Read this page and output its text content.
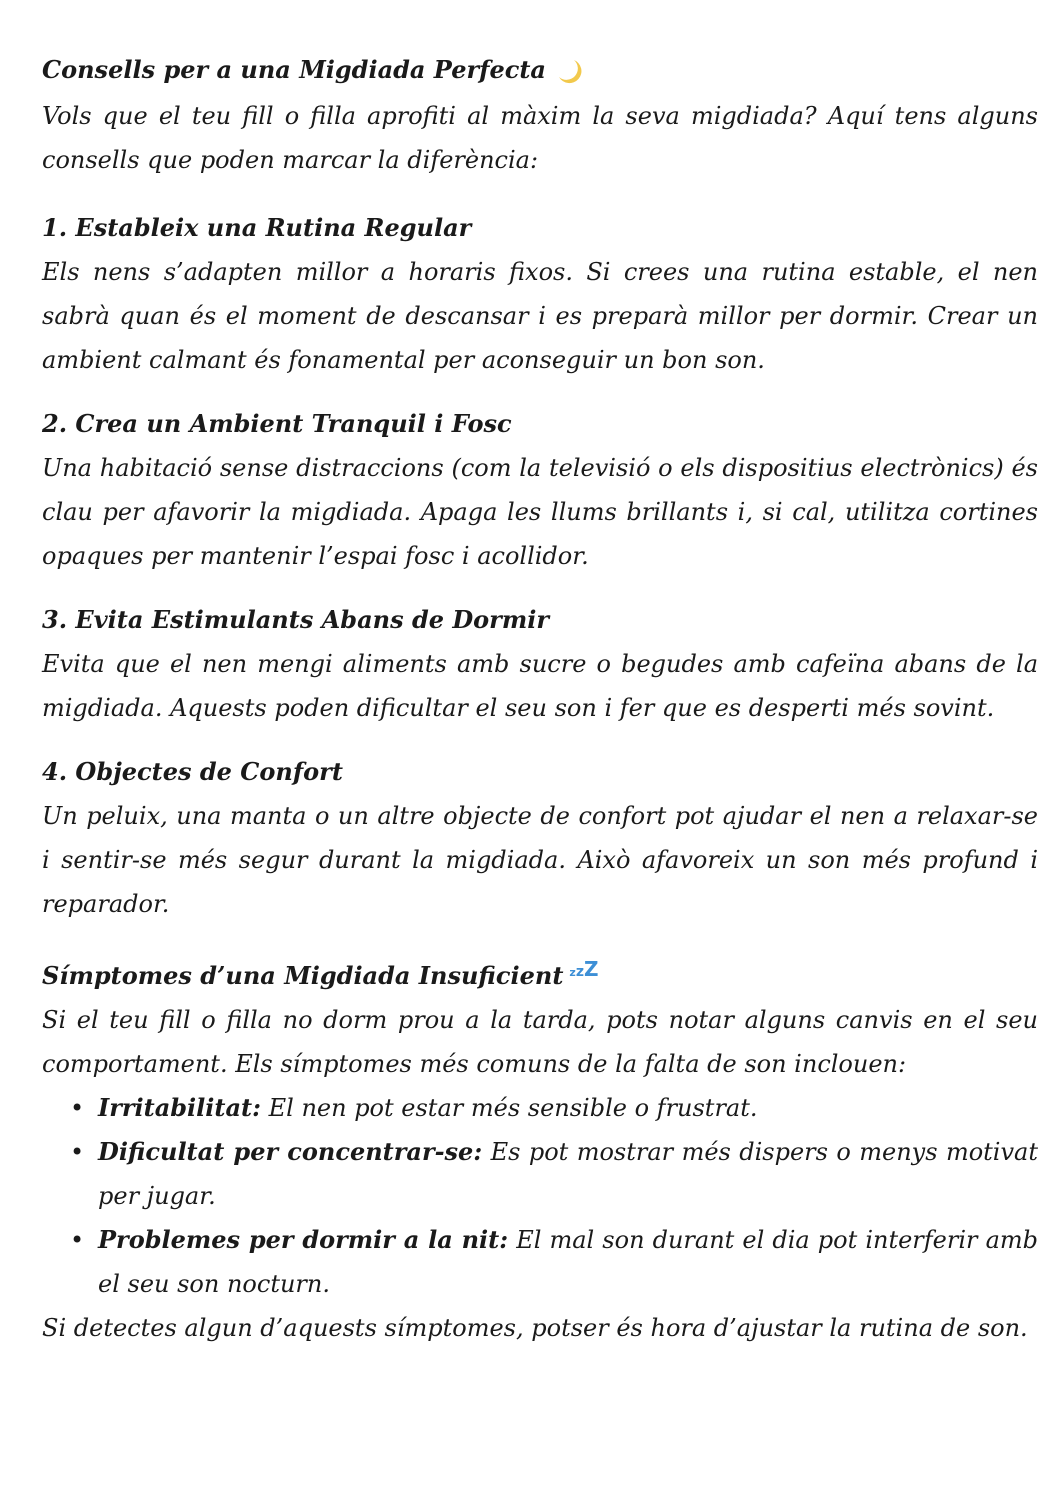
Consells per a una Migdiada Perfecta

Vols que el teu fill o filla aprofiti al màxim la seva migdiada? Aquí tens alguns consells que poden marcar la diferència:

1. Estableix una Rutina Regular

Els nens s’adapten millor a horaris fixos. Si crees una rutina estable, el nen sabrà quan és el moment de descansar i es preparà millor per dormir. Crear un ambient calmant és fonamental per aconseguir un bon son.

2. Crea un Ambient Tranquil i Fosc

Una habitació sense distraccions (com la televisió o els dispositius electrònics) és clau per afavorir la migdiada. Apaga les llums brillants i, si cal, utilitza cortines opaques per mantenir l’espai fosc i acollidor.

3. Evita Estimulants Abans de Dormir

Evita que el nen mengi aliments amb sucre o begudes amb cafeïna abans de la migdiada. Aquests poden dificultar el seu son i fer que es desperti més sovint.

4. Objectes de Confort

Un peluix, una manta o un altre objecte de confort pot ajudar el nen a relaxar-se i sentir-se més segur durant la migdiada. Això afavoreix un son més profund i reparador.

Símptomes d’una Migdiada Insuficient zzZ

Si el teu fill o filla no dorm prou a la tarda, pots notar alguns canvis en el seu comportament. Els símptomes més comuns de la falta de son inclouen:

• Irritabilitat: El nen pot estar més sensible o frustrat.
• Dificultat per concentrar-se: Es pot mostrar més dispers o menys motivat per jugar.
• Problemes per dormir a la nit: El mal son durant el dia pot interferir amb el seu son nocturn.

Si detectes algun d’aquests símptomes, potser és hora d’ajustar la rutina de son.
